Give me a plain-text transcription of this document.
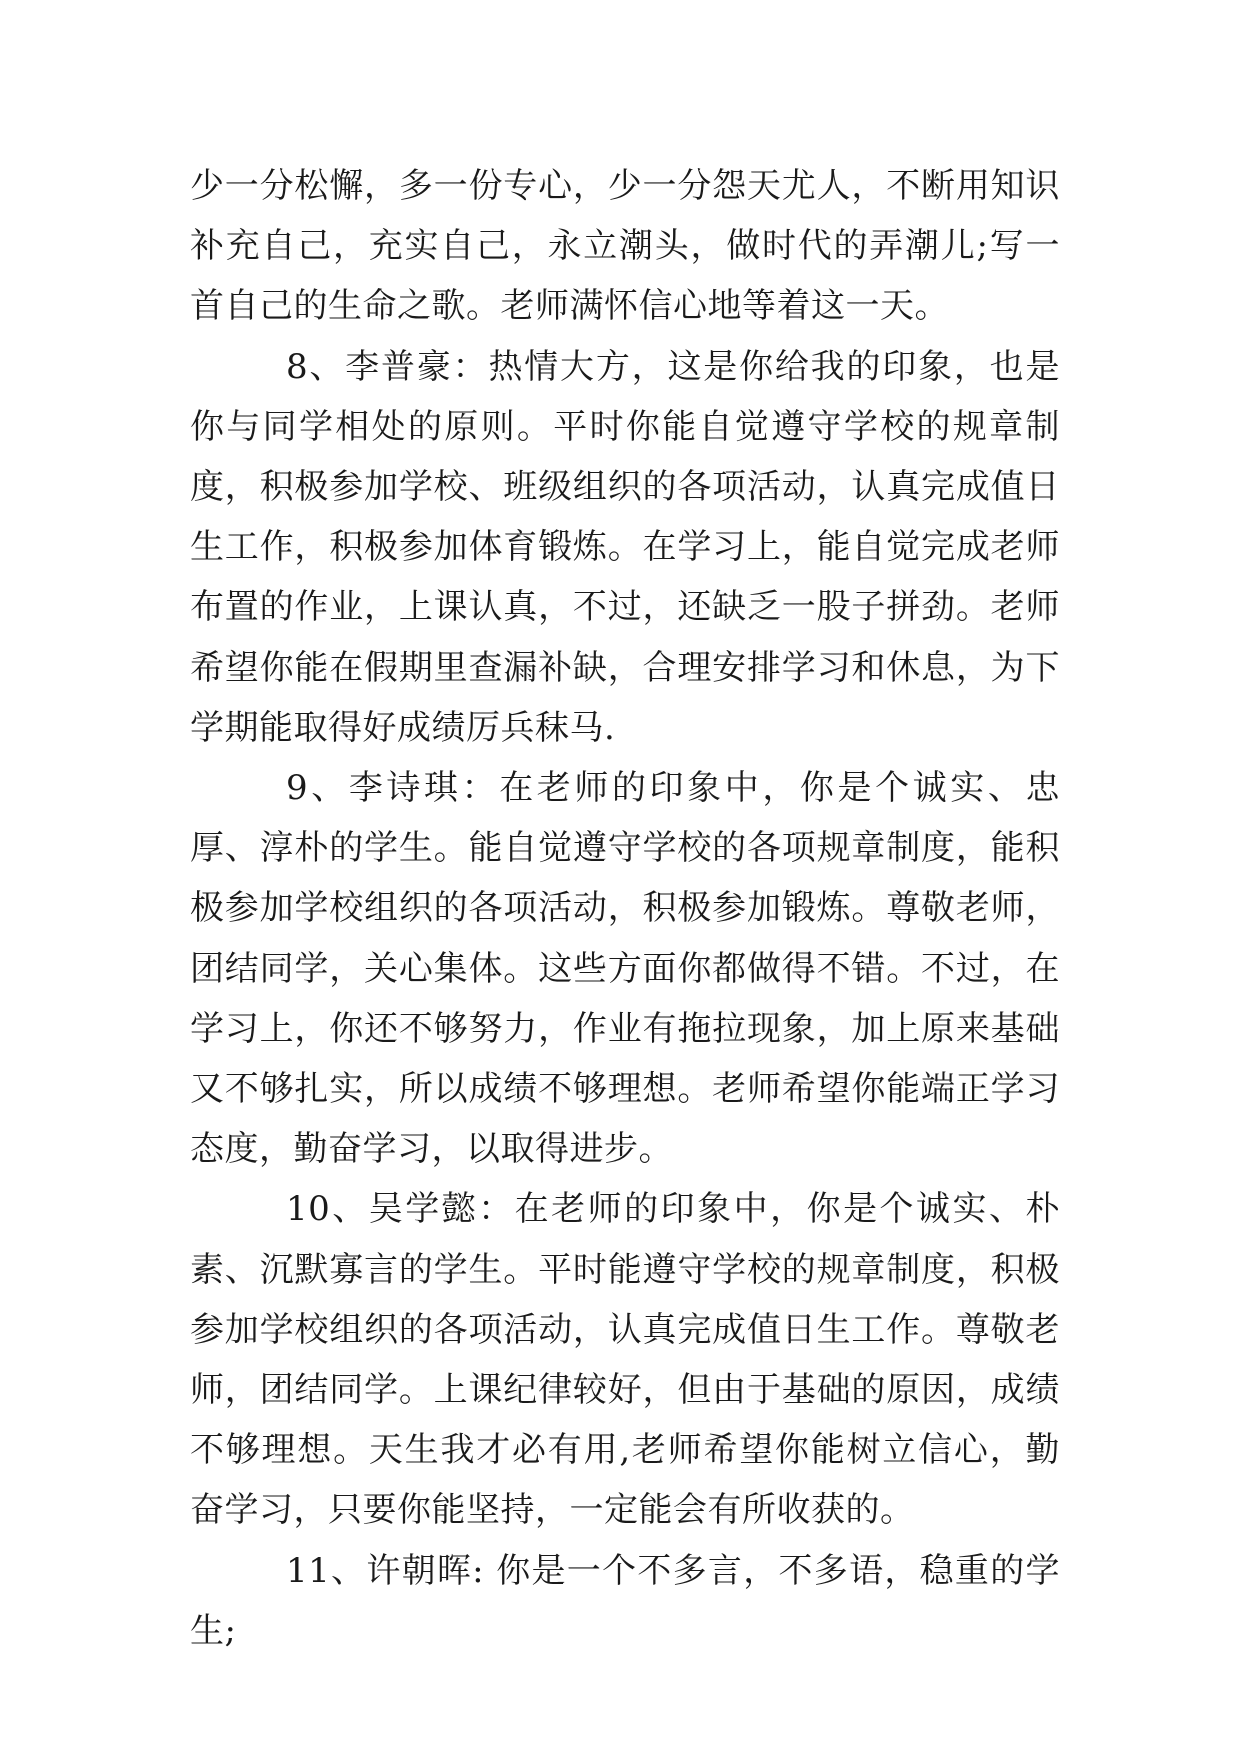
少一分松懈，多一份专心，少一分怨天尤人，不断用知识补充自己，充实自己，永立潮头，做时代的弄潮儿;写一首自己的生命之歌。老师满怀信心地等着这一天。

8、李普豪：热情大方，这是你给我的印象，也是你与同学相处的原则。平时你能自觉遵守学校的规章制度，积极参加学校、班级组织的各项活动，认真完成值日生工作，积极参加体育锻炼。在学习上，能自觉完成老师布置的作业，上课认真，不过，还缺乏一股子拼劲。老师希望你能在假期里查漏补缺，合理安排学习和休息，为下学期能取得好成绩厉兵秣马.

9、李诗琪：在老师的印象中，你是个诚实、忠厚、淳朴的学生。能自觉遵守学校的各项规章制度，能积极参加学校组织的各项活动，积极参加锻炼。尊敬老师，团结同学，关心集体。这些方面你都做得不错。不过，在学习上，你还不够努力，作业有拖拉现象，加上原来基础又不够扎实，所以成绩不够理想。老师希望你能端正学习态度，勤奋学习，以取得进步。

10、吴学懿：在老师的印象中，你是个诚实、朴素、沉默寡言的学生。平时能遵守学校的规章制度，积极参加学校组织的各项活动，认真完成值日生工作。尊敬老师，团结同学。上课纪律较好，但由于基础的原因，成绩不够理想。天生我才必有用,老师希望你能树立信心，勤奋学习，只要你能坚持，一定能会有所收获的。

11、许朝晖: 你是一个不多言，不多语，稳重的学生;
